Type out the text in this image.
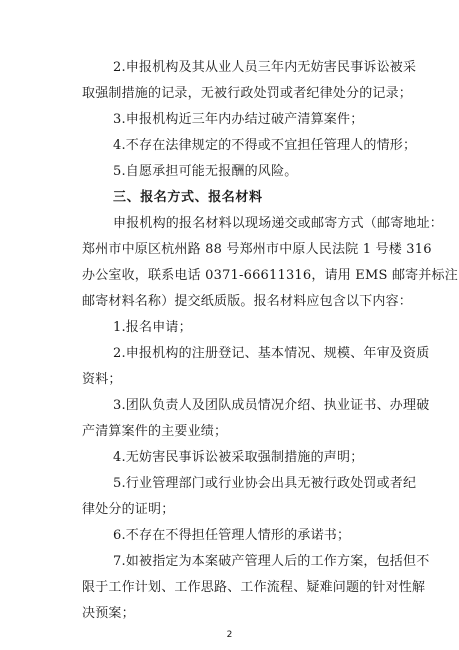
2.申报机构及其从业人员三年内无妨害民事诉讼被采
取强制措施的记录，无被行政处罚或者纪律处分的记录；
3.申报机构近三年内办结过破产清算案件；
4.不存在法律规定的不得或不宜担任管理人的情形；
5.自愿承担可能无报酬的风险。
三、报名方式、报名材料
申报机构的报名材料以现场递交或邮寄方式（邮寄地址：
郑州市中原区杭州路 88 号郑州市中原人民法院 1 号楼 316
办公室收，联系电话 0371-66611316，请用 EMS 邮寄并标注
邮寄材料名称）提交纸质版。报名材料应包含以下内容：
1.报名申请；
2.申报机构的注册登记、基本情况、规模、年审及资质
资料；
3.团队负责人及团队成员情况介绍、执业证书、办理破
产清算案件的主要业绩；
4.无妨害民事诉讼被采取强制措施的声明；
5.行业管理部门或行业协会出具无被行政处罚或者纪
律处分的证明；
6.不存在不得担任管理人情形的承诺书；
7.如被指定为本案破产管理人后的工作方案，包括但不
限于工作计划、工作思路、工作流程、疑难问题的针对性解
决预案；
2
